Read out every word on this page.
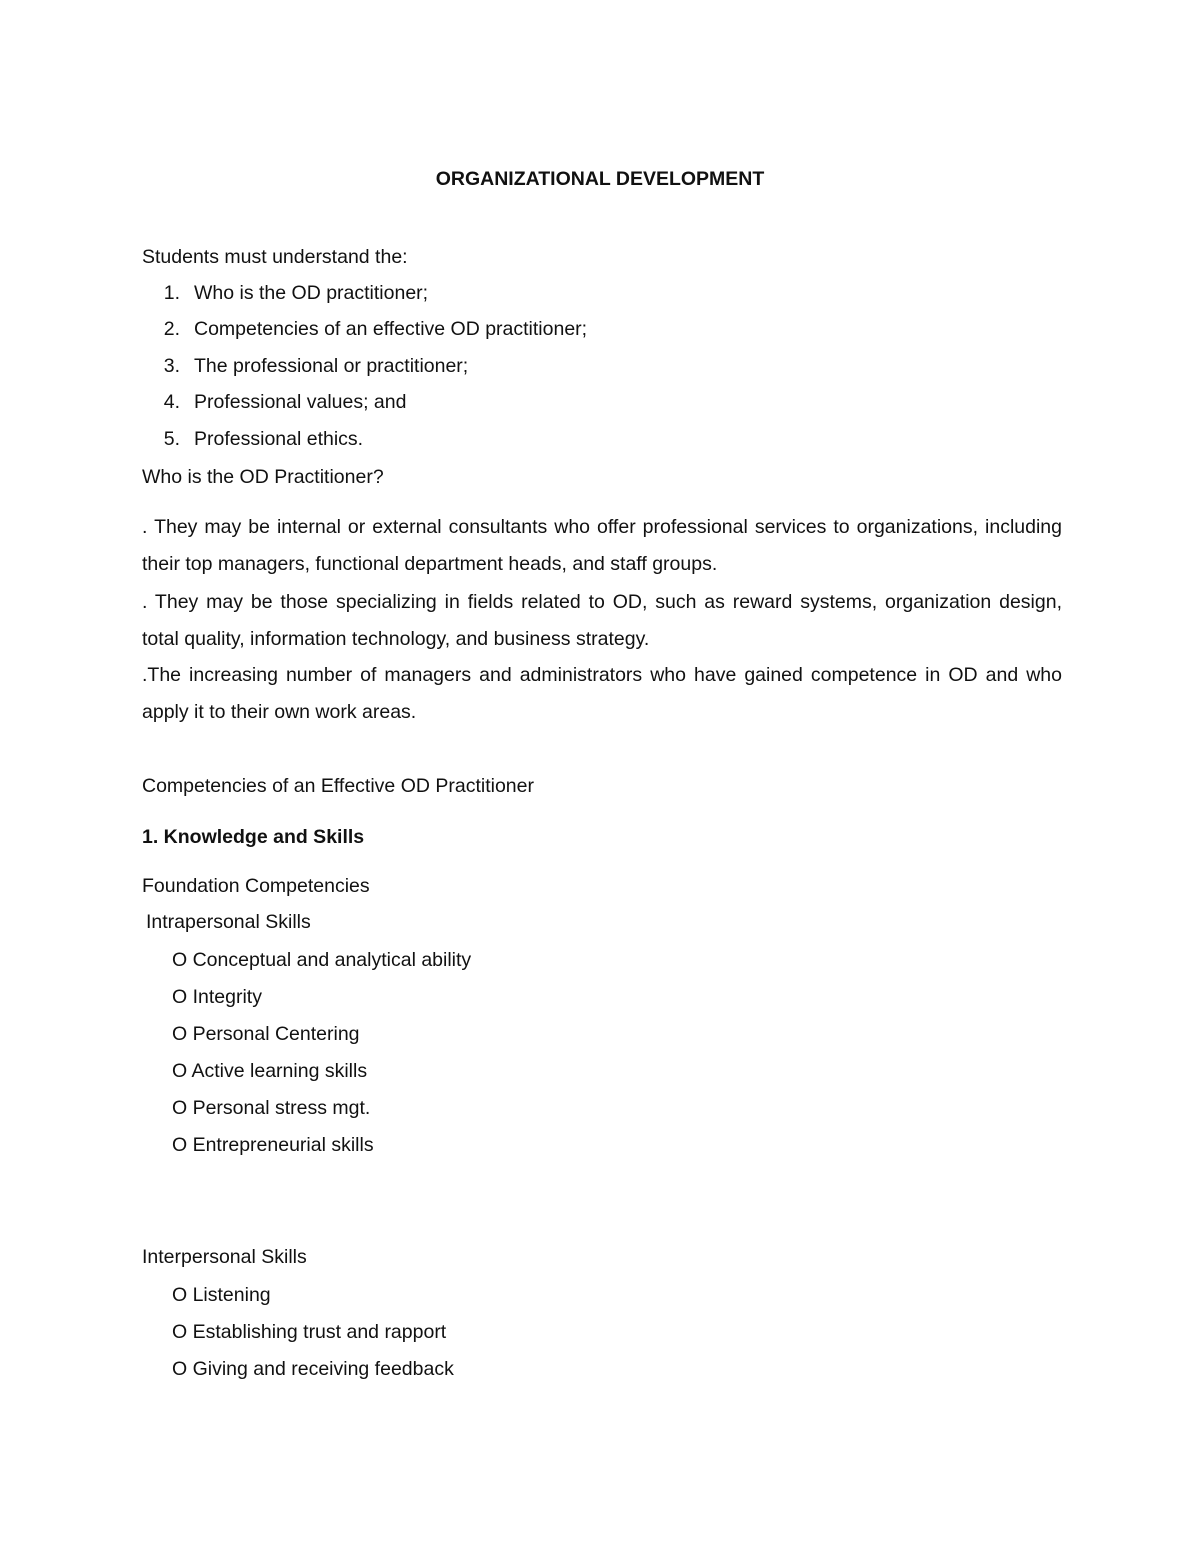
ORGANIZATIONAL DEVELOPMENT
Students must understand the:
1. Who is the OD practitioner;
2. Competencies of an effective OD practitioner;
3. The professional or practitioner;
4. Professional values; and
5. Professional ethics.
Who is the OD Practitioner?
. They may be internal or external consultants who offer professional services to organizations, including their top managers, functional department heads, and staff groups.
. They may be those specializing in fields related to OD, such as reward systems, organization design, total quality, information technology, and business strategy.
.The increasing number of managers and administrators who have gained competence in OD and who apply it to their own work areas.
Competencies of an Effective OD Practitioner
1. Knowledge and Skills
Foundation Competencies
Intrapersonal Skills
O Conceptual and analytical ability
O Integrity
O Personal Centering
O Active learning skills
O Personal stress mgt.
O Entrepreneurial skills
Interpersonal Skills
O Listening
O Establishing trust and rapport
O Giving and receiving feedback
